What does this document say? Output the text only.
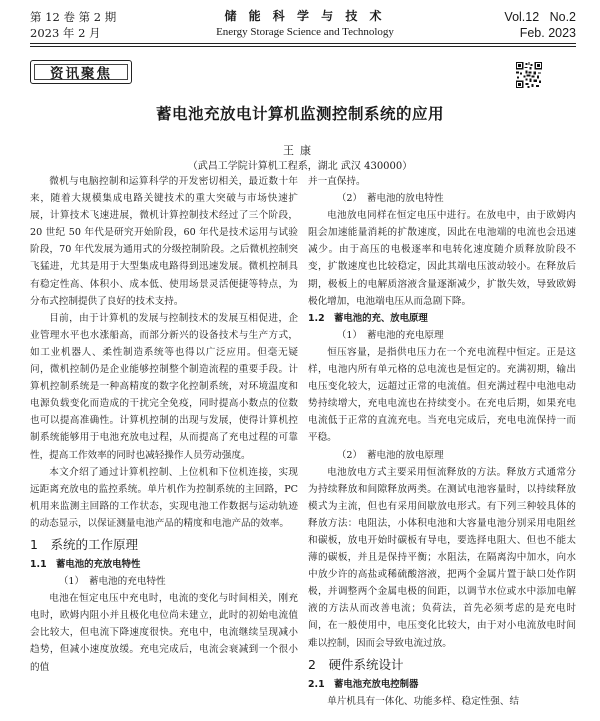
第 12 卷 第 2 期
2023 年 2 月
储 能 科 学 与 技 术
Energy Storage Science and Technology
Vol.12   No.2
Feb. 2023
资讯聚焦
蓄电池充放电计算机监测控制系统的应用
王康
（武昌工学院计算机工程系，湖北 武汉 430000）

微机与电脑控制和运算科学的开发密切相关，最近数十年来，随着大规模集成电路关键技术的重大突破与市场快速扩展，计算技术飞速进展，微机计算控制技术经过了三个阶段，20 世纪 50 年代是研究开始阶段，60 年代是技术运用与试验阶段，70 年代发展为通用式的分级控制阶段。之后微机控制突飞猛进，尤其是用于大型集成电路得到迅速发展。微机控制具有稳定性高、体积小、成本低、使用场景灵活便捷等特点，为分布式控制提供了良好的技术支持。

目前，由于计算机的发展与控制技术的发展互相促进，企业管理水平也水涨船高，而部分新兴的设备技术与生产方式，如工业机器人、柔性制造系统等也得以广泛应用。但毫无疑问，微机控制仍是企业能够控制整个制造流程的重要手段。计算机控制系统是一种高精度的数字化控制系统，对环境温度和电源负载变化而造成的干扰完全免疫，同时提高小数点的位数也可以提高准确性。计算机控制的出现与发展，使得计算机控制系统能够用于电池充放电过程，从而提高了充电过程的可靠性，提高工作效率的同时也减轻操作人员劳动强度。

本文介绍了通过计算机控制、上位机和下位机连接，实现远距离充放电的监控系统。单片机作为控制系统的主回路，PC 机用来监测主回路的工作状态，实现电池工作数据与运动轨迹的动态显示，以保证测量电池产品的精度和电池产品的效率。

1　系统的工作原理

1.1　蓄电池的充放电特性

（1）　蓄电池的充电特性

电池在恒定电压中充电时，电流的变化与时间相关，刚充电时，欧姆内阻小并且极化电位尚未建立，此时的初始电流值会比较大，但电流下降速度很快。充电中，电流继续呈现减小趋势，但减小速度放缓。充电完成后，电流会衰减到一个很小的值

并一直保持。

（2）　蓄电池的放电特性

电池放电同样在恒定电压中进行。在放电中，由于欧姆内阻会加速能量消耗的扩散速度，因此在电池端的电流也会迅速减少。由于高压的电极逐率和电转化速度随介质释放阶段不变，扩散速度也比较稳定，因此其端电压波动较小。在释放后期，极板上的电解质溶液含量逐渐减少，扩散失效，导致欧姆极化增加，电池端电压从而急剧下降。

1.2　蓄电池的充、放电原理

（1）　蓄电池的充电原理

恒压容量，是指供电压力在一个充电流程中恒定。正是这样，电池内所有单元格的总电流也是恒定的。充满初期，输出电压变化较大，远超过正常的电流值。但充满过程中电池电动势持续增大，充电电流也在持续变小。在充电后期，如果充电电流低于正常的直流充电。当充电完成后，充电电流保持一而平稳。

（2）　蓄电池的放电原理

电池放电方式主要采用恒流释放的方法。释放方式通常分为持续释放和间隙释放两类。在测试电池容量时，以持续释放模式为主流，但也有采用间歇放电形式。有下列三种较具体的释放方法：电阻法，小体积电池和大容量电池分别采用电阻丝和碳板，放电开始时碳板有导电，要选择电阻大、但也不能太薄的碳板，并且是保持平衡；水阻法，在隔离沟中加水，向水中放少许的高盐或稀硫酸溶液，把两个金属片置于缺口处作阴极，并调整两个金属电极的间距，以调节水位或水中添加电解液的方法从而改善电流；负荷法，首先必须考虑的是充电时间，在一般使用中，电压变化比较大，由于对小电流放电时间难以控制，因而会导致电流过放。

2　硬件系统设计

2.1　蓄电池充放电控制器

单片机具有一体化、功能多样、稳定性强、结
